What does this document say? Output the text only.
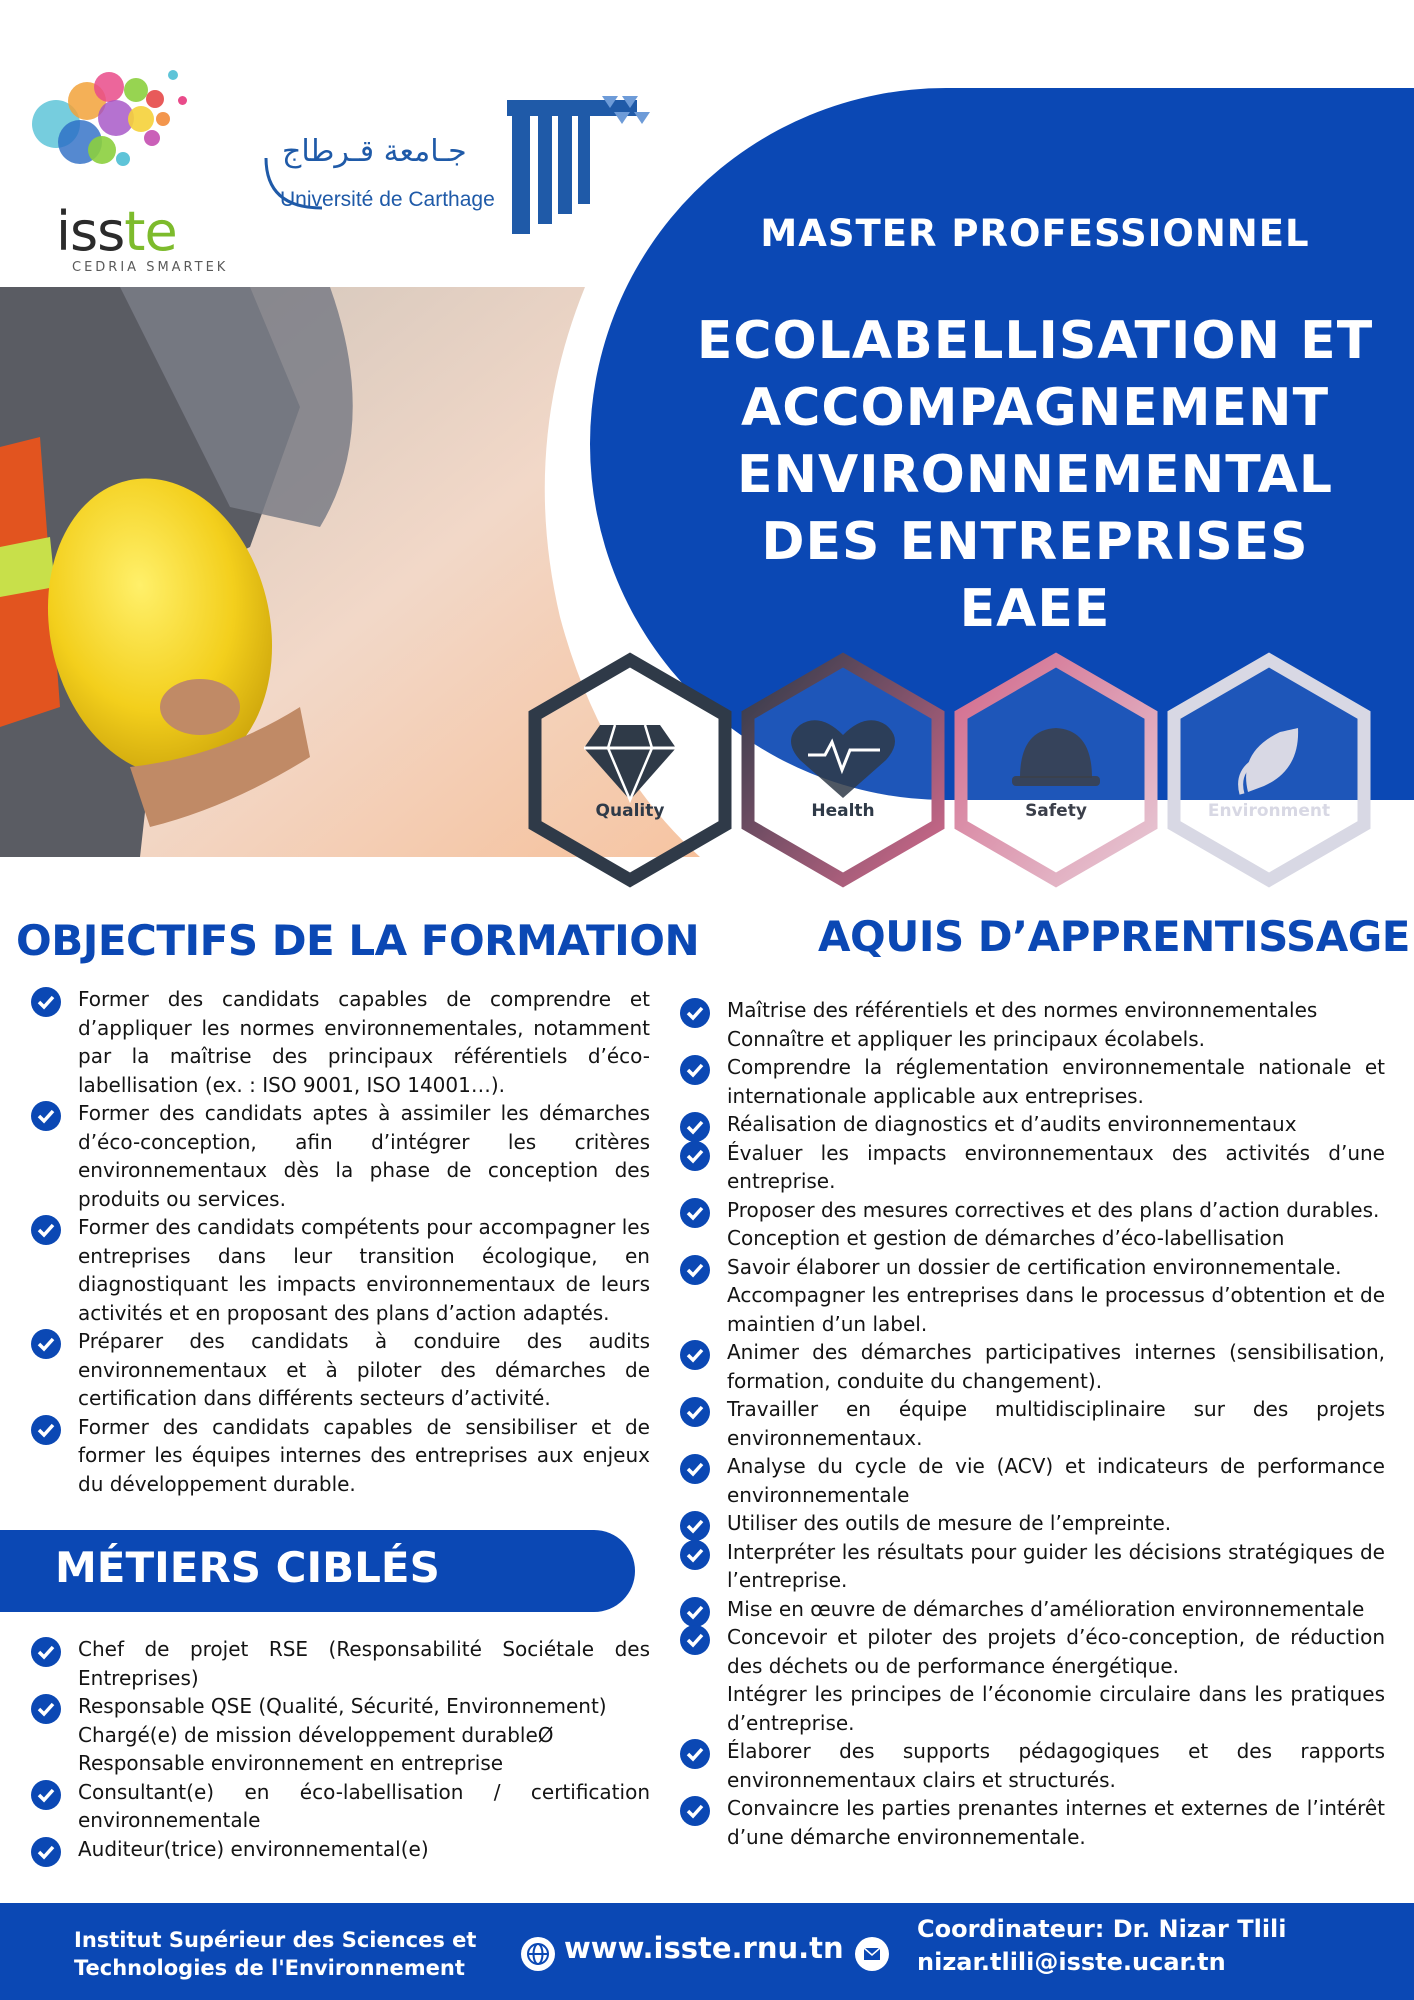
isste
CEDRIA SMARTEK
جـامعة قـرطاج
Université de Carthage
MASTER PROFESSIONNEL
ECOLABELLISATION ET
ACCOMPAGNEMENT
ENVIRONNEMENTAL
DES ENTREPRISES
EAEE
Quality	Health	Safety	Environment
OBJECTIFS DE LA FORMATION
Former des candidats capables de comprendre et d’appliquer les normes environnementales, notamment par la maîtrise des principaux référentiels d’éco-labellisation (ex. : ISO 9001, ISO 14001…).
Former des candidats aptes à assimiler les démarches d’éco-conception, afin d’intégrer les critères environnementaux dès la phase de conception des produits ou services.
Former des candidats compétents pour accompagner les entreprises dans leur transition écologique, en diagnostiquant les impacts environnementaux de leurs activités et en proposant des plans d’action adaptés.
Préparer des candidats à conduire des audits environnementaux et à piloter des démarches de certification dans différents secteurs d’activité.
Former des candidats capables de sensibiliser et de former les équipes internes des entreprises aux enjeux du développement durable.
MÉTIERS CIBLÉS
Chef de projet RSE (Responsabilité Sociétale des Entreprises)
Responsable QSE (Qualité, Sécurité, Environnement)
Chargé(e) de mission développement durableØ
Responsable environnement en entreprise
Consultant(e) en éco-labellisation / certification environnementale
Auditeur(trice) environnemental(e)
AQUIS D’APPRENTISSAGE
Maîtrise des référentiels et des normes environnementales
Connaître et appliquer les principaux écolabels.
Comprendre la réglementation environnementale nationale et internationale applicable aux entreprises.
Réalisation de diagnostics et d’audits environnementaux
Évaluer les impacts environnementaux des activités d’une entreprise.
Proposer des mesures correctives et des plans d’action durables.
Conception et gestion de démarches d’éco-labellisation
Savoir élaborer un dossier de certification environnementale.
Accompagner les entreprises dans le processus d’obtention et de maintien d’un label.
Animer des démarches participatives internes (sensibilisation, formation, conduite du changement).
Travailler en équipe multidisciplinaire sur des projets environnementaux.
Analyse du cycle de vie (ACV) et indicateurs de performance environnementale
Utiliser des outils de mesure de l’empreinte.
Interpréter les résultats pour guider les décisions stratégiques de l’entreprise.
Mise en œuvre de démarches d’amélioration environnementale
Concevoir et piloter des projets d’éco-conception, de réduction des déchets ou de performance énergétique.
Intégrer les principes de l’économie circulaire dans les pratiques d’entreprise.
Élaborer des supports pédagogiques et des rapports environnementaux clairs et structurés.
Convaincre les parties prenantes internes et externes de l’intérêt d’une démarche environnementale.
Institut Supérieur des Sciences et
Technologies de l'Environnement
www.isste.rnu.tn
Coordinateur: Dr. Nizar Tlili
nizar.tlili@isste.ucar.tn
